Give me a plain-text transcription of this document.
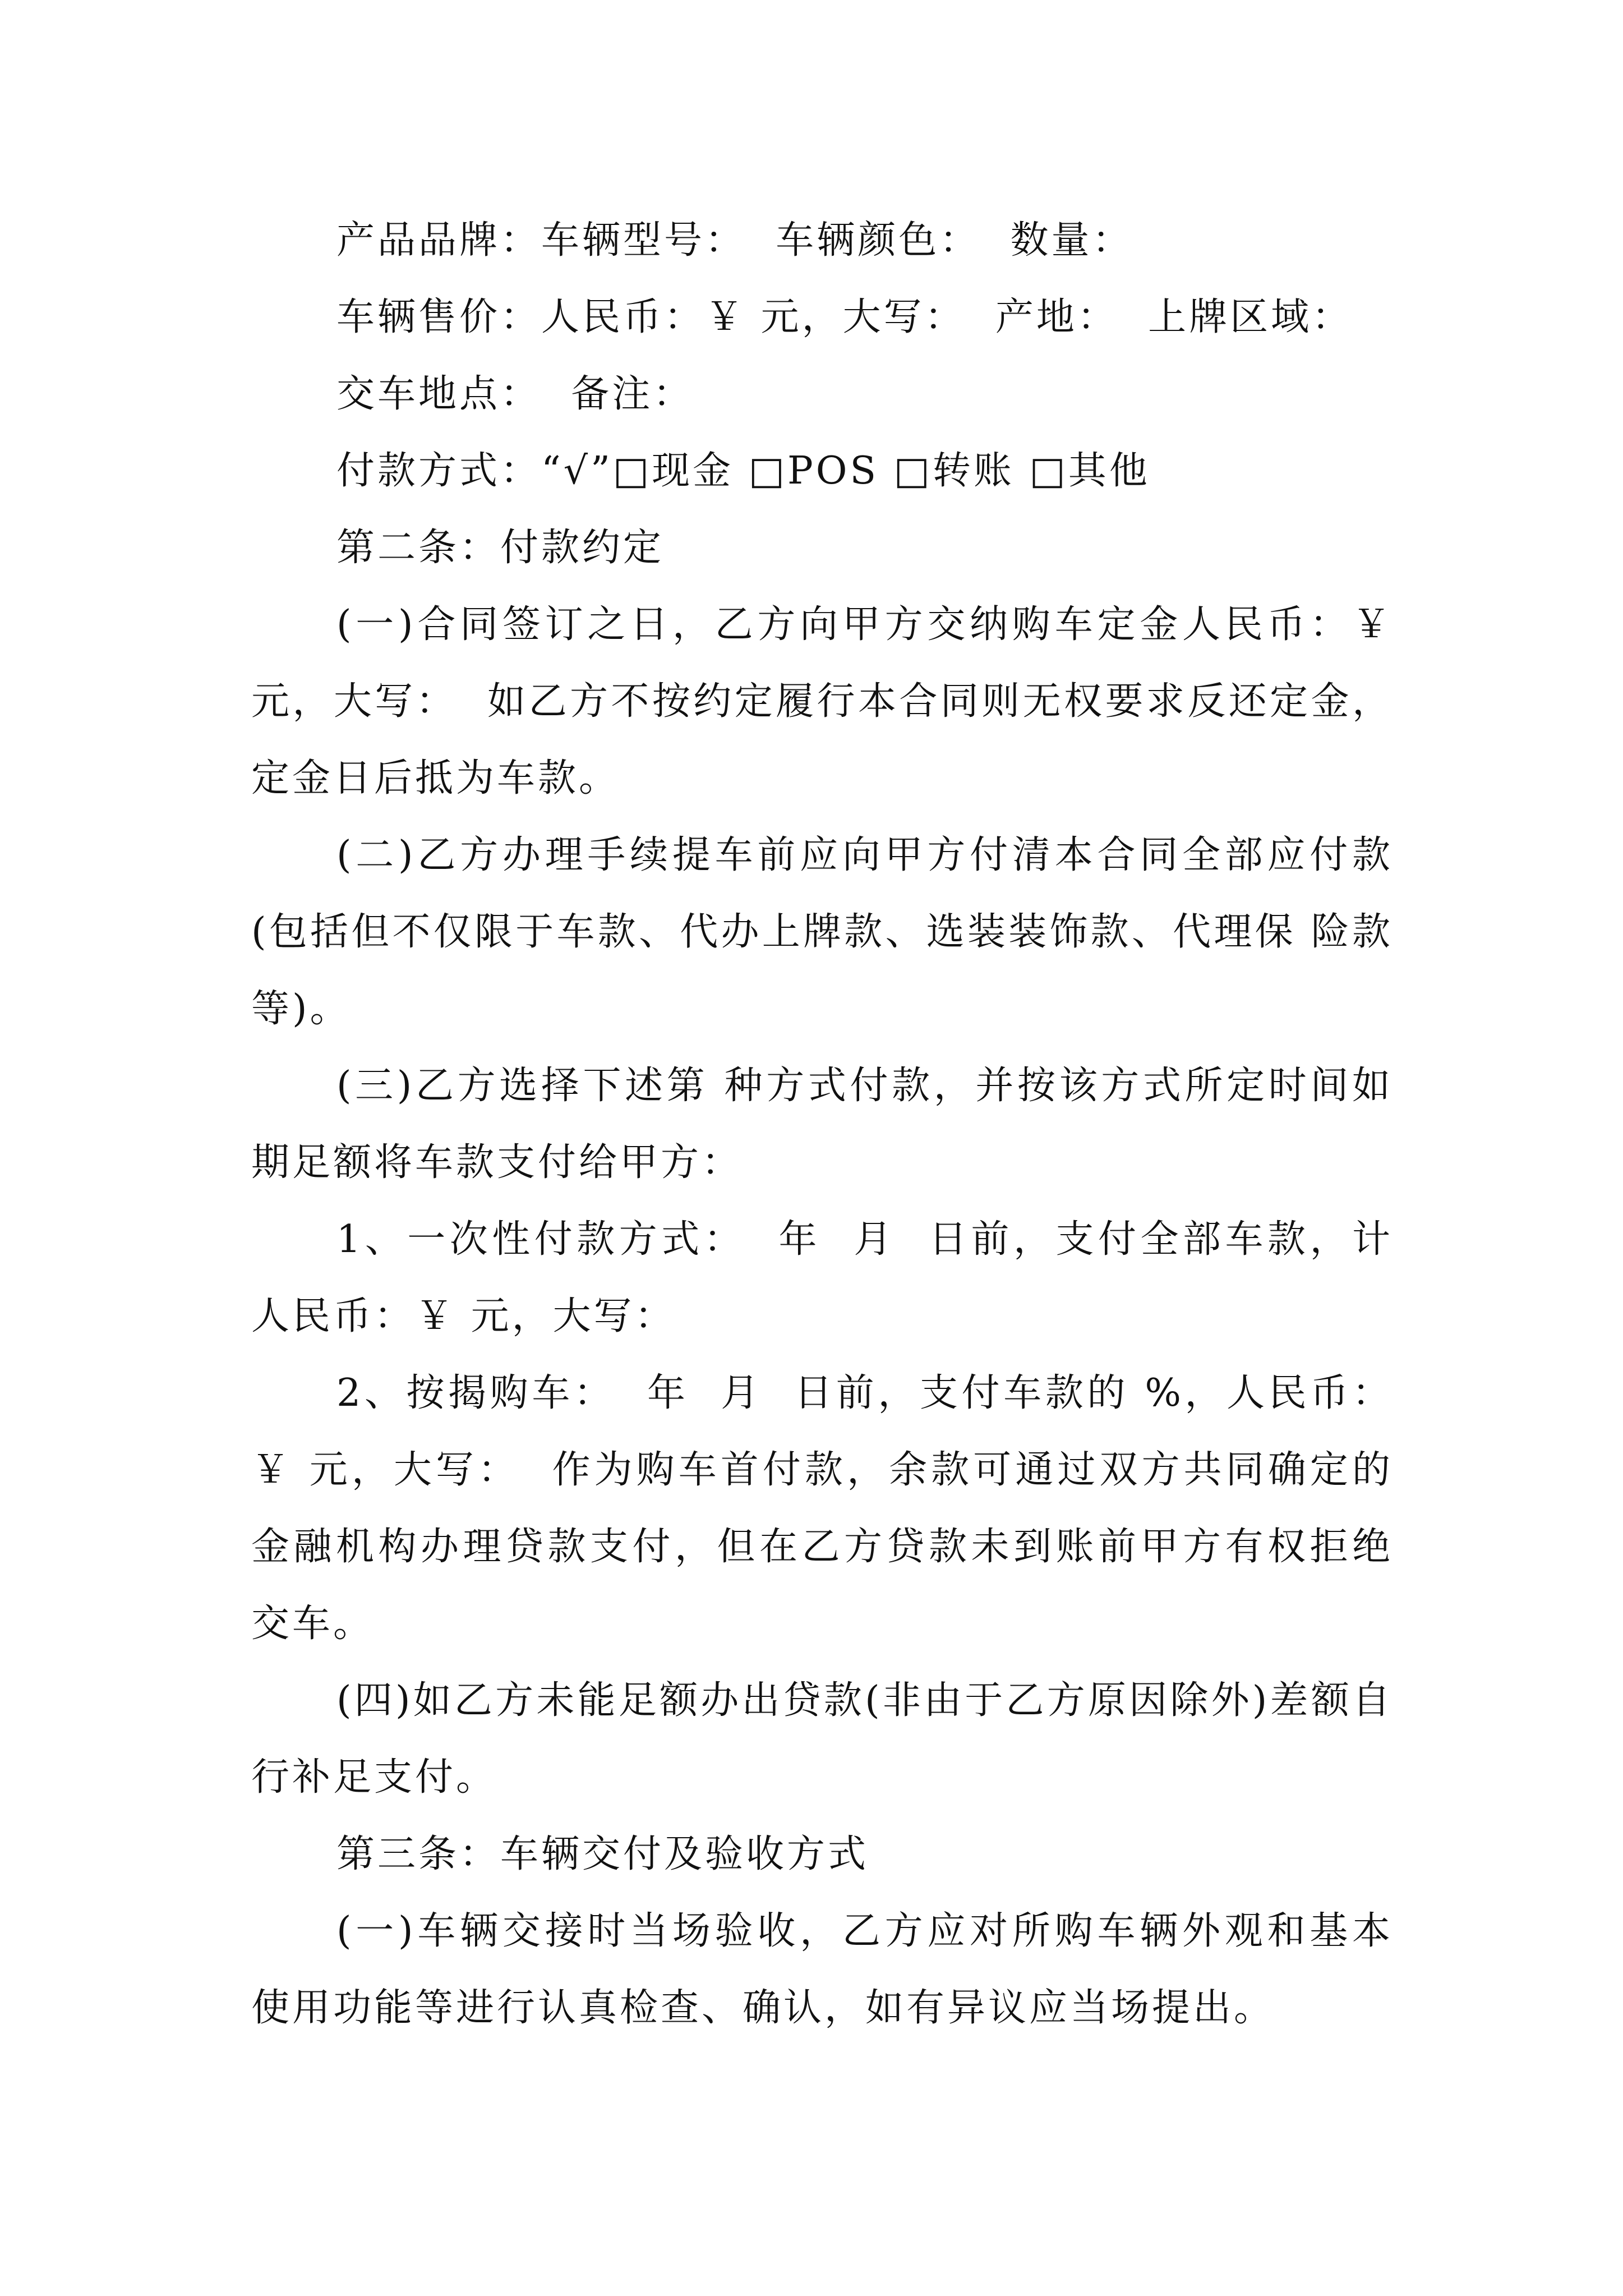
产品品牌：车辆型号：  车辆颜色：  数量：

车辆售价：人民币：￥ 元，大写：  产地：  上牌区域：

交车地点：  备注：

付款方式：“√”□现金 □POS □转账 □其他

第二条：付款约定

(一)合同签订之日，乙方向甲方交纳购车定金人民币：￥ 元，大写：  如乙方不按约定履行本合同则无权要求反还定金，定金日后抵为车款。

(二)乙方办理手续提车前应向甲方付清本合同全部应付款(包括但不仅限于车款、代办上牌款、选装装饰款、代理保 险款等)。

(三)乙方选择下述第 种方式付款，并按该方式所定时间如期足额将车款支付给甲方：

1、一次性付款方式：  年  月  日前，支付全部车款，计人民币：￥ 元，大写：

2、按揭购车：  年  月  日前，支付车款的 %，人民币：￥ 元，大写：  作为购车首付款，余款可通过双方共同确定的金融机构办理贷款支付，但在乙方贷款未到账前甲方有权拒绝交车。

(四)如乙方未能足额办出贷款(非由于乙方原因除外)差额自行补足支付。

第三条：车辆交付及验收方式

(一)车辆交接时当场验收，乙方应对所购车辆外观和基本使用功能等进行认真检查、确认，如有异议应当场提出。
